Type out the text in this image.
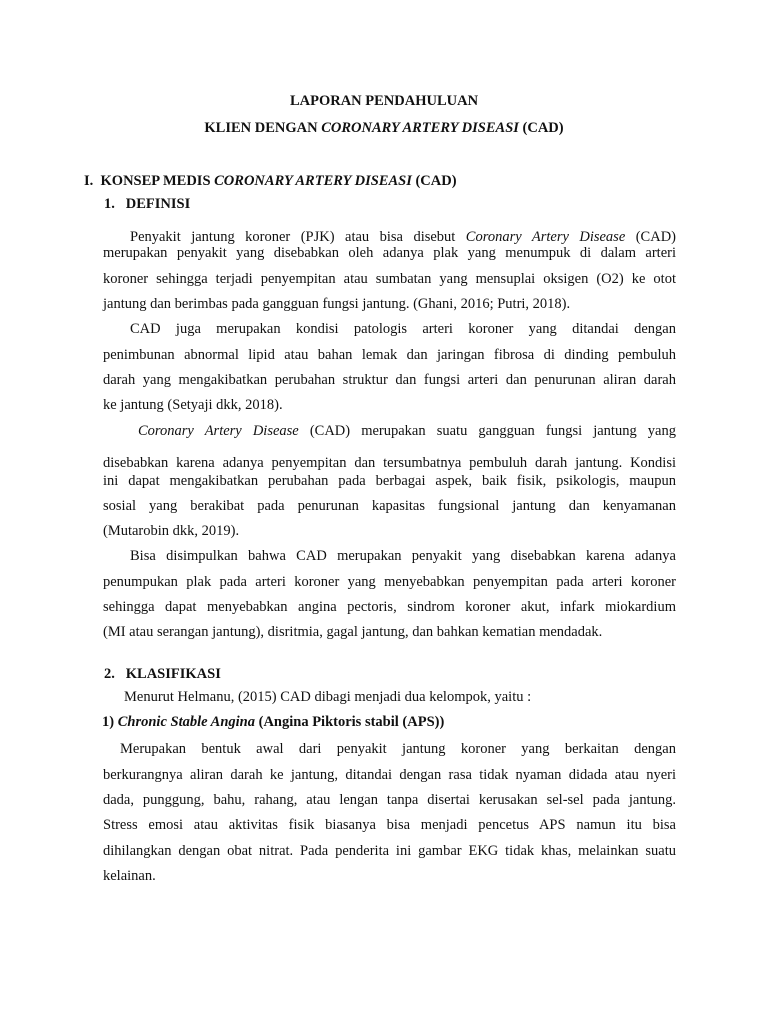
LAPORAN PENDAHULUAN
KLIEN DENGAN CORONARY ARTERY DISEASI (CAD)
I. KONSEP MEDIS CORONARY ARTERY DISEASI (CAD)
1. DEFINISI
Penyakit jantung koroner (PJK) atau bisa disebut Coronary Artery Disease (CAD)
merupakan penyakit yang disebabkan oleh adanya plak yang menumpuk di dalam arteri
koroner sehingga terjadi penyempitan atau sumbatan yang mensuplai oksigen (O2) ke otot
jantung dan berimbas pada gangguan fungsi jantung. (Ghani, 2016; Putri, 2018).
CAD juga merupakan kondisi patologis arteri koroner yang ditandai dengan
penimbunan abnormal lipid atau bahan lemak dan jaringan fibrosa di dinding pembuluh
darah yang mengakibatkan perubahan struktur dan fungsi arteri dan penurunan aliran darah
ke jantung (Setyaji dkk, 2018).
Coronary Artery Disease (CAD) merupakan suatu gangguan fungsi jantung yang
disebabkan karena adanya penyempitan dan tersumbatnya pembuluh darah jantung. Kondisi
ini dapat mengakibatkan perubahan pada berbagai aspek, baik fisik, psikologis, maupun
sosial yang berakibat pada penurunan kapasitas fungsional jantung dan kenyamanan
(Mutarobin dkk, 2019).
Bisa disimpulkan bahwa CAD merupakan penyakit yang disebabkan karena adanya
penumpukan plak pada arteri koroner yang menyebabkan penyempitan pada arteri koroner
sehingga dapat menyebabkan angina pectoris, sindrom koroner akut, infark miokardium
(MI atau serangan jantung), disritmia, gagal jantung, dan bahkan kematian mendadak.
2. KLASIFIKASI
Menurut Helmanu, (2015) CAD dibagi menjadi dua kelompok, yaitu :
1) Chronic Stable Angina (Angina Piktoris stabil (APS))
Merupakan bentuk awal dari penyakit jantung koroner yang berkaitan dengan
berkurangnya aliran darah ke jantung, ditandai dengan rasa tidak nyaman didada atau nyeri
dada, punggung, bahu, rahang, atau lengan tanpa disertai kerusakan sel-sel pada jantung.
Stress emosi atau aktivitas fisik biasanya bisa menjadi pencetus APS namun itu bisa
dihilangkan dengan obat nitrat. Pada penderita ini gambar EKG tidak khas, melainkan suatu
kelainan.
